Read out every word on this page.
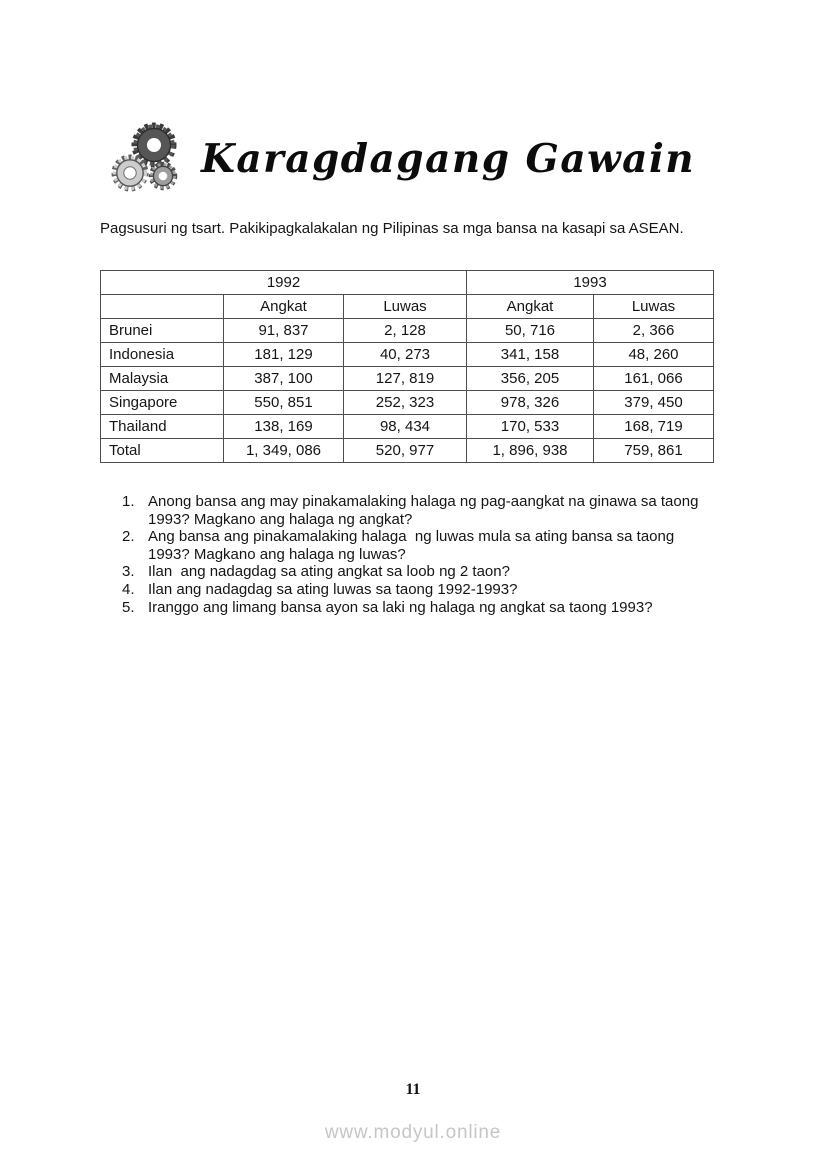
Karagdagang Gawain
Pagsusuri ng tsart. Pakikipagkalakalan ng Pilipinas sa mga bansa na kasapi sa ASEAN.
1992			1993	
	Angkat	Luwas	Angkat	Luwas
Brunei	91, 837	2, 128	50, 716	2, 366
Indonesia	181, 129	40, 273	341, 158	48, 260
Malaysia	387, 100	127, 819	356, 205	161, 066
Singapore	550, 851	252, 323	978, 326	379, 450
Thailand	138, 169	98, 434	170, 533	168, 719
Total	1, 349, 086	520, 977	1, 896, 938	759, 861
1. Anong bansa ang may pinakamalaking halaga ng pag-aangkat na ginawa sa taong
1993? Magkano ang halaga ng angkat?
2. Ang bansa ang pinakamalaking halaga  ng luwas mula sa ating bansa sa taong
1993? Magkano ang halaga ng luwas?
3. Ilan  ang nadagdag sa ating angkat sa loob ng 2 taon?
4. Ilan ang nadagdag sa ating luwas sa taong 1992-1993?
5. Iranggo ang limang bansa ayon sa laki ng halaga ng angkat sa taong 1993?
11
www.modyul.online
